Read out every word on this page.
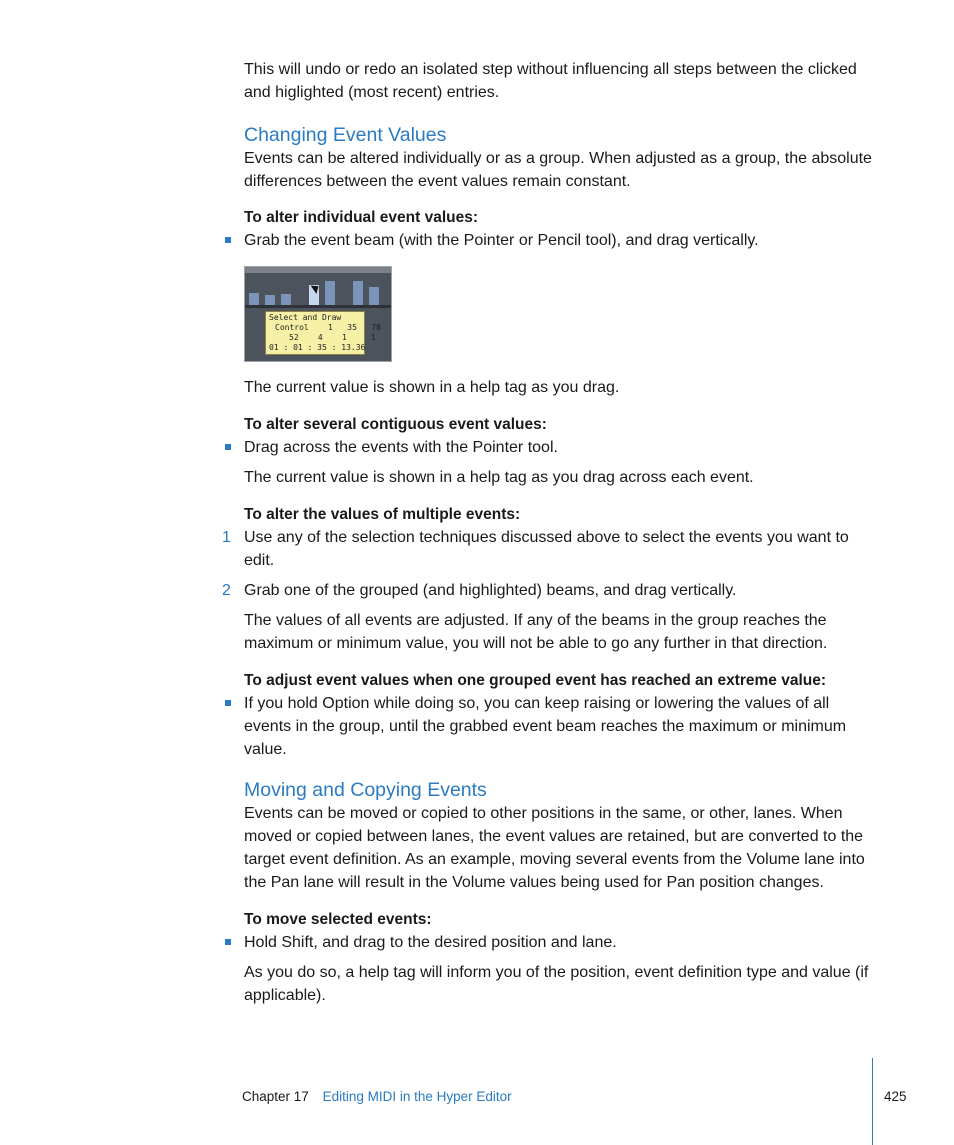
This will undo or redo an isolated step without influencing all steps between the clicked and higlighted (most recent) entries.

Changing Event Values

Events can be altered individually or as a group. When adjusted as a group, the absolute differences between the event values remain constant.

To alter individual event values:

Grab the event beam (with the Pointer or Pencil tool), and drag vertically.

Select and Draw
Control    1   35   78
52    4    1     1
01 : 01 : 35 : 13.36

The current value is shown in a help tag as you drag.

To alter several contiguous event values:

Drag across the events with the Pointer tool.

The current value is shown in a help tag as you drag across each event.

To alter the values of multiple events:

1 Use any of the selection techniques discussed above to select the events you want to edit.

2 Grab one of the grouped (and highlighted) beams, and drag vertically.

The values of all events are adjusted. If any of the beams in the group reaches the maximum or minimum value, you will not be able to go any further in that direction.

To adjust event values when one grouped event has reached an extreme value:

If you hold Option while doing so, you can keep raising or lowering the values of all events in the group, until the grabbed event beam reaches the maximum or minimum value.

Moving and Copying Events

Events can be moved or copied to other positions in the same, or other, lanes. When moved or copied between lanes, the event values are retained, but are converted to the target event definition. As an example, moving several events from the Volume lane into the Pan lane will result in the Volume values being used for Pan position changes.

To move selected events:

Hold Shift, and drag to the desired position and lane.

As you do so, a help tag will inform you of the position, event definition type and value (if applicable).

Chapter 17 Editing MIDI in the Hyper Editor	425
